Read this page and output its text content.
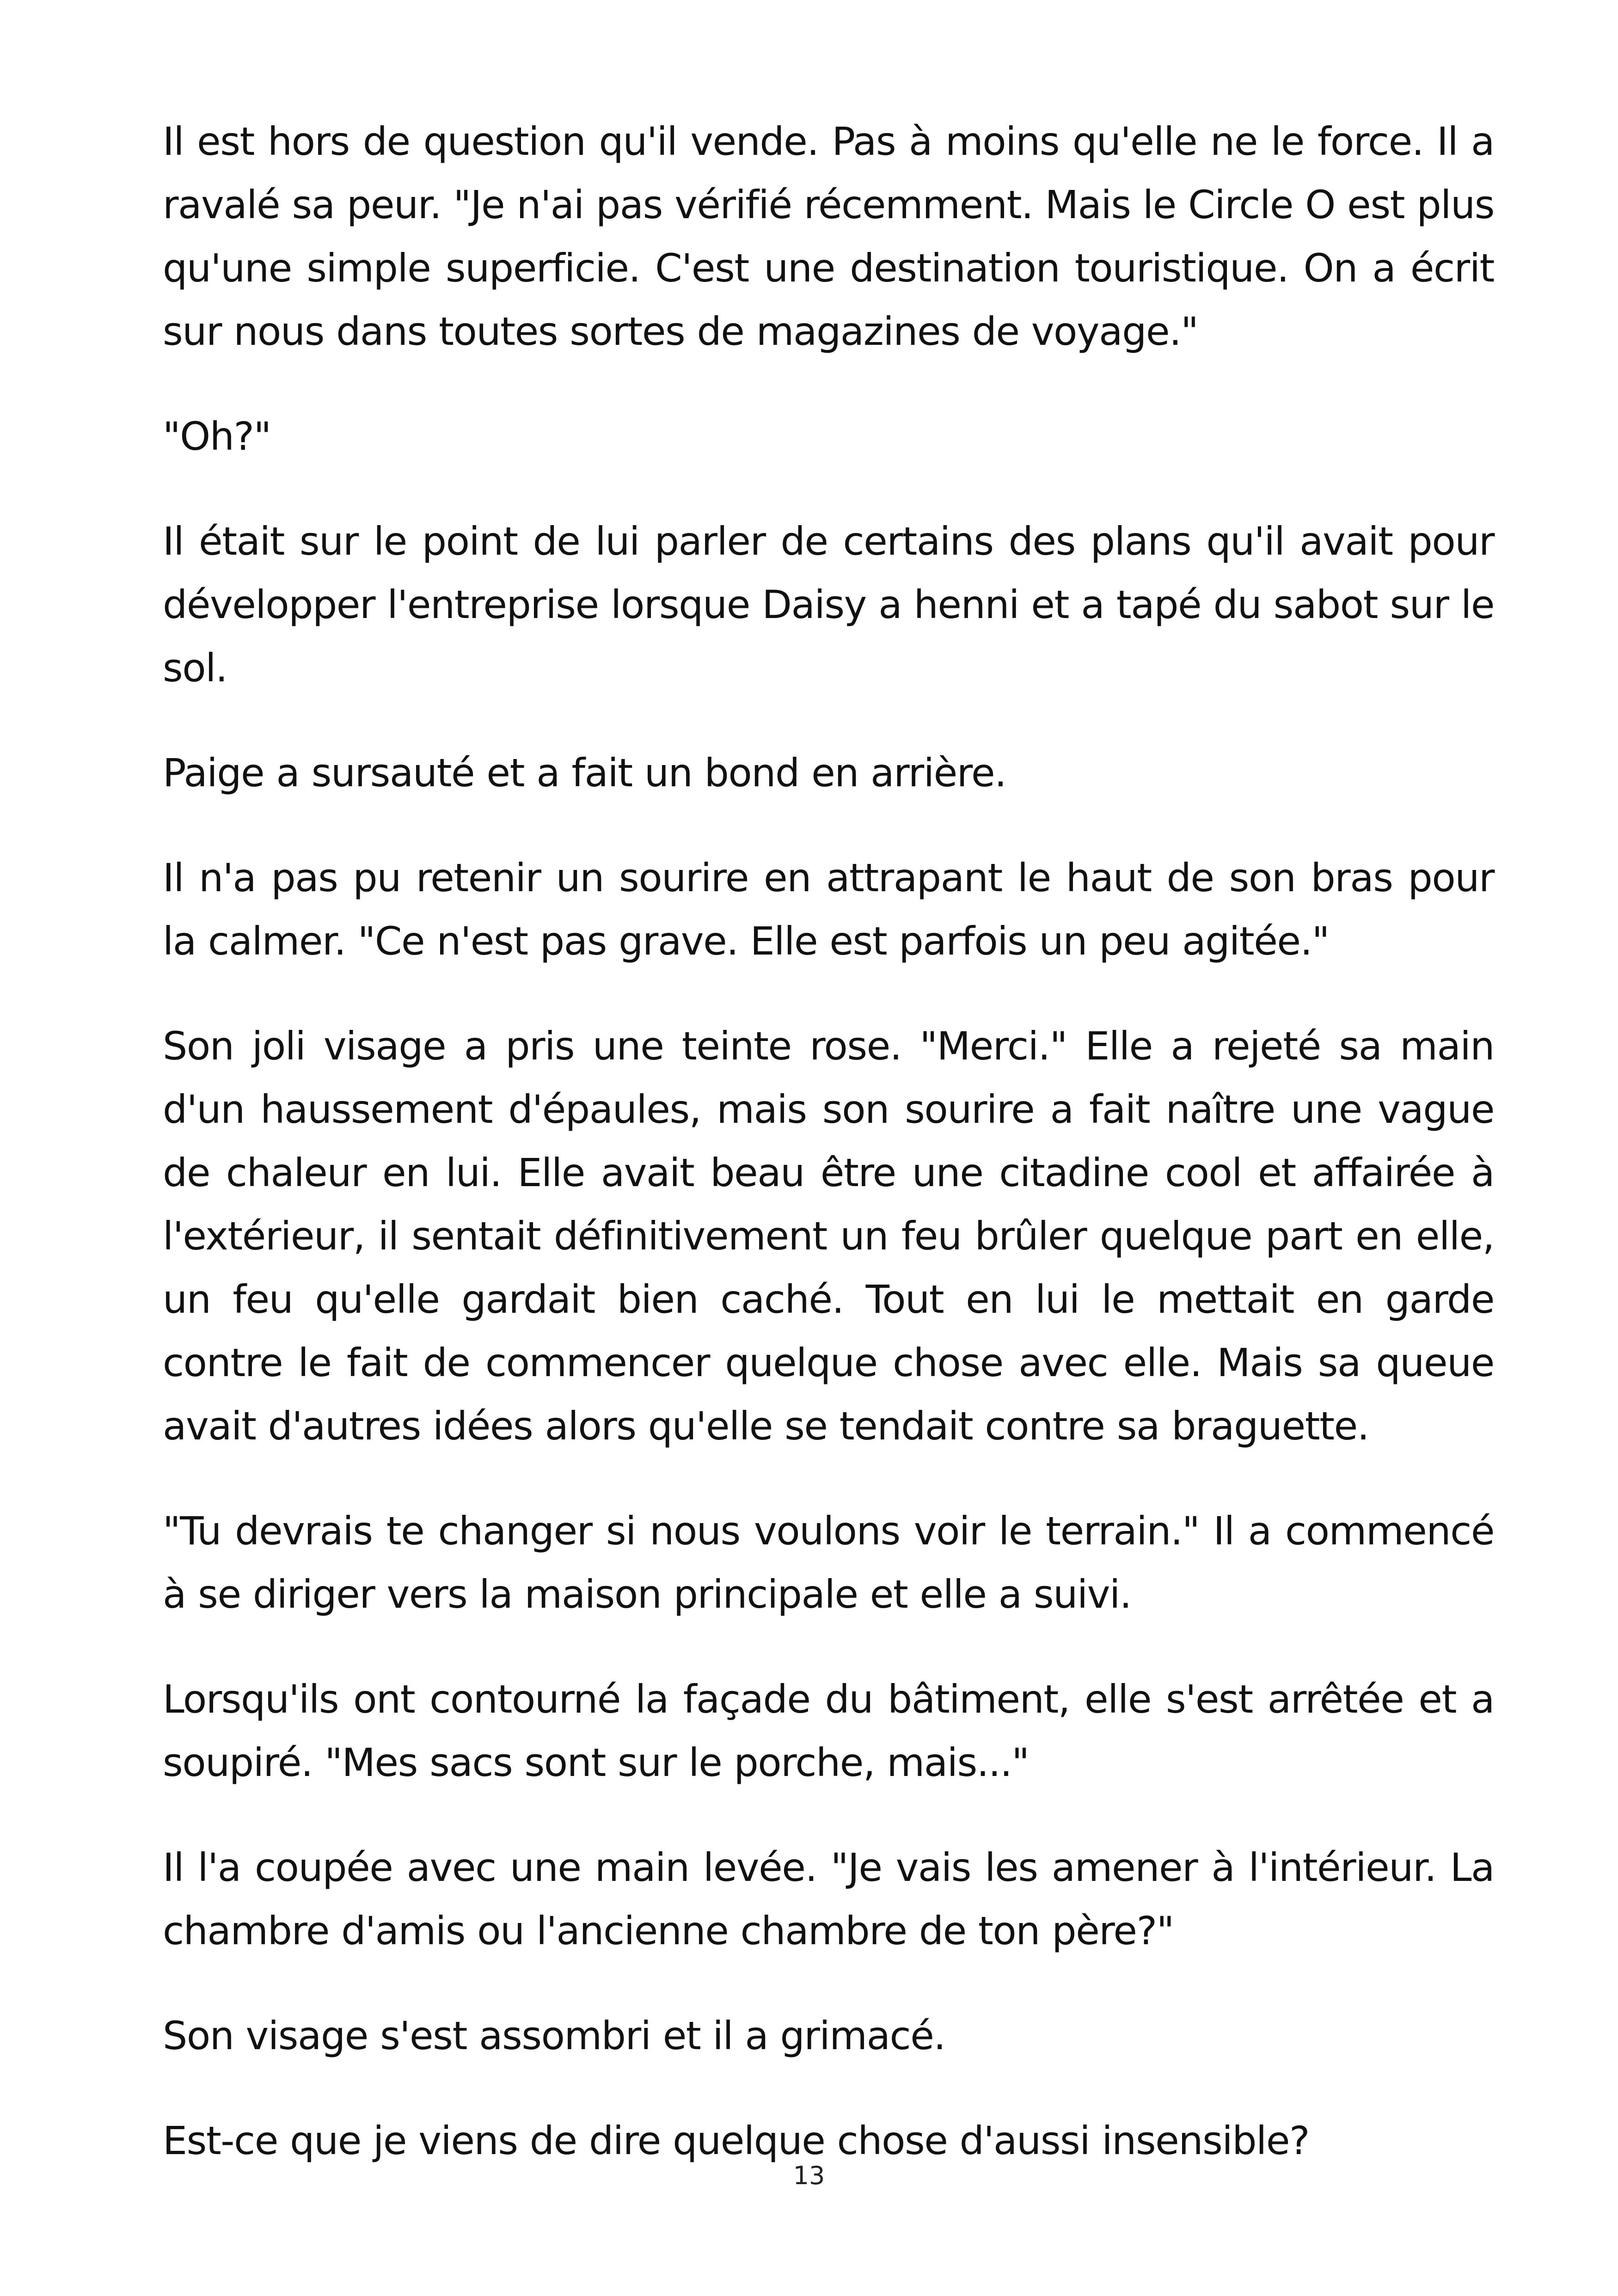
Il est hors de question qu'il vende. Pas à moins qu'elle ne le force. Il a ravalé sa peur. "Je n'ai pas vérifié récemment. Mais le Circle O est plus qu'une simple superficie. C'est une destination touristique. On a écrit sur nous dans toutes sortes de magazines de voyage."

"Oh?"

Il était sur le point de lui parler de certains des plans qu'il avait pour développer l'entreprise lorsque Daisy a henni et a tapé du sabot sur le sol.

Paige a sursauté et a fait un bond en arrière.

Il n'a pas pu retenir un sourire en attrapant le haut de son bras pour la calmer. "Ce n'est pas grave. Elle est parfois un peu agitée."

Son joli visage a pris une teinte rose. "Merci." Elle a rejeté sa main d'un haussement d'épaules, mais son sourire a fait naître une vague de chaleur en lui. Elle avait beau être une citadine cool et affairée à l'extérieur, il sentait définitivement un feu brûler quelque part en elle, un feu qu'elle gardait bien caché. Tout en lui le mettait en garde contre le fait de commencer quelque chose avec elle. Mais sa queue avait d'autres idées alors qu'elle se tendait contre sa braguette.

"Tu devrais te changer si nous voulons voir le terrain." Il a commencé à se diriger vers la maison principale et elle a suivi.

Lorsqu'ils ont contourné la façade du bâtiment, elle s'est arrêtée et a soupiré. "Mes sacs sont sur le porche, mais..."

Il l'a coupée avec une main levée. "Je vais les amener à l'intérieur. La chambre d'amis ou l'ancienne chambre de ton père?"

Son visage s'est assombri et il a grimacé.

Est-ce que je viens de dire quelque chose d'aussi insensible?

13
